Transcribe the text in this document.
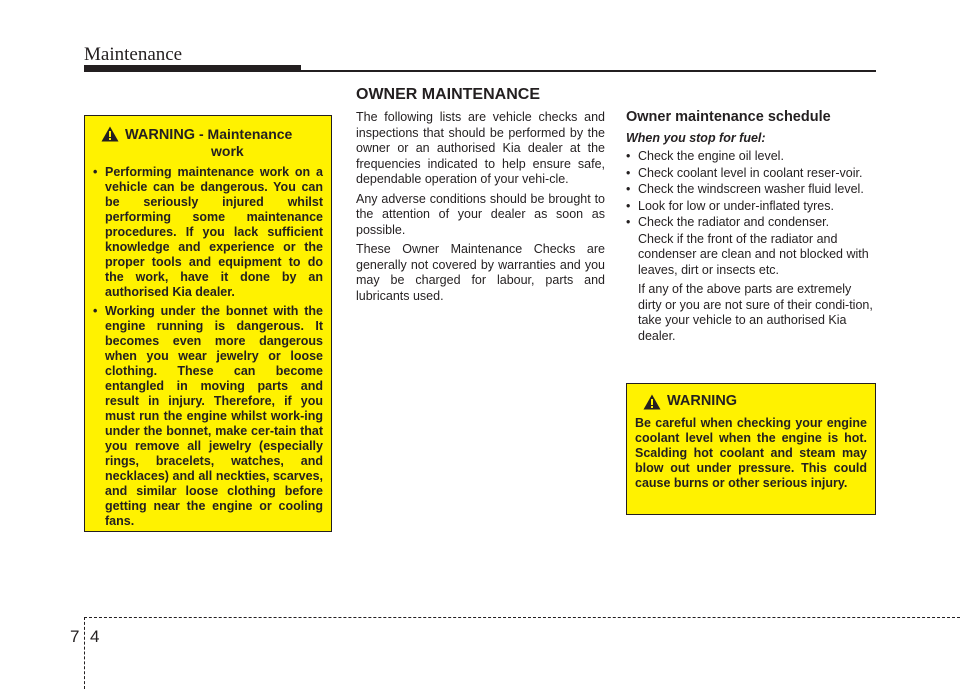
Maintenance
OWNER MAINTENANCE
WARNING - Maintenance
work
• Performing maintenance work on a vehicle can be dangerous. You can be seriously injured whilst performing some maintenance procedures. If you lack sufficient knowledge and experience or the proper tools and equipment to do the work, have it done by an authorised Kia dealer.
• Working under the bonnet with the engine running is dangerous. It becomes even more dangerous when you wear jewelry or loose clothing. These can become entangled in moving parts and result in injury. Therefore, if you must run the engine whilst work-ing under the bonnet, make cer-tain that you remove all jewelry (especially rings, bracelets, watches, and necklaces) and all neckties, scarves, and similar loose clothing before getting near the engine or cooling fans.

The following lists are vehicle checks and inspections that should be performed by the owner or an authorised Kia dealer at the frequencies indicated to help ensure safe, dependable operation of your vehi-cle.

Any adverse conditions should be brought to the attention of your dealer as soon as possible.

These Owner Maintenance Checks are generally not covered by warranties and you may be charged for labour, parts and lubricants used.

Owner maintenance schedule
When you stop for fuel:
• Check the engine oil level.
• Check coolant level in coolant reser-voir.
• Check the windscreen washer fluid level.
• Look for low or under-inflated tyres.
• Check the radiator and condenser.

Check if the front of the radiator and condenser are clean and not blocked with leaves, dirt or insects etc.

If any of the above parts are extremely dirty or you are not sure of their condi-tion, take your vehicle to an authorised Kia dealer.

WARNING
Be careful when checking your engine coolant level when the engine is hot. Scalding hot coolant and steam may blow out under pressure. This could cause burns or other serious injury.
7 4
